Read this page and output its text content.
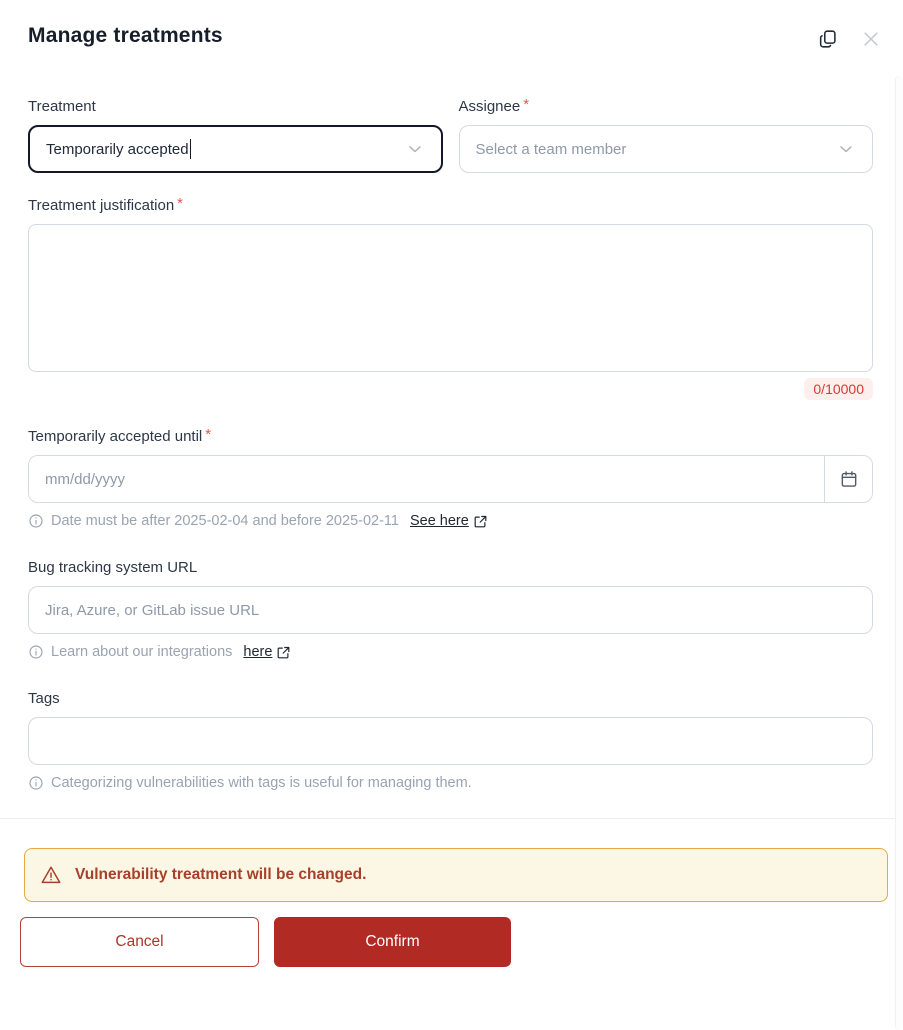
Manage treatments
Treatment
Temporarily accepted
Assignee *
Select a team member
Treatment justification *
0/10000
Temporarily accepted until *
mm/dd/yyyy
Date must be after 2025-02-04 and before 2025-02-11 See here
Bug tracking system URL
Jira, Azure, or GitLab issue URL
Learn about our integrations here
Tags
Categorizing vulnerabilities with tags is useful for managing them.
Vulnerability treatment will be changed.
Cancel	Confirm
